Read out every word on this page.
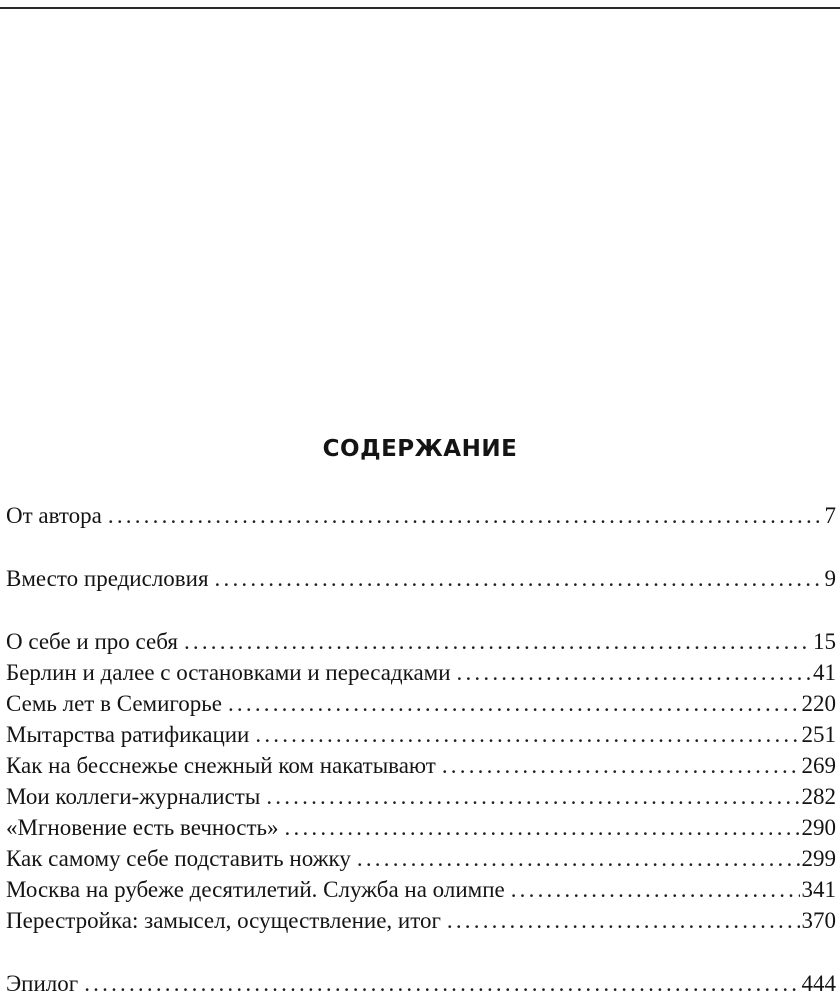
СОДЕРЖАНИЕ
От автора .....	7
Вместо предисловия .....	9
О себе и про себя .....	15
Берлин и далее с остановками и пересадками .....	41
Семь лет в Семигорье .....	220
Мытарства ратификации .....	251
Как на бесснежье снежный ком накатывают .....	269
Мои коллеги-журналисты .....	282
«Мгновение есть вечность» .....	290
Как самому себе подставить ножку .....	299
Москва на рубеже десятилетий. Служба на олимпе .....	341
Перестройка: замысел, осуществление, итог .....	370
Эпилог .....	444
